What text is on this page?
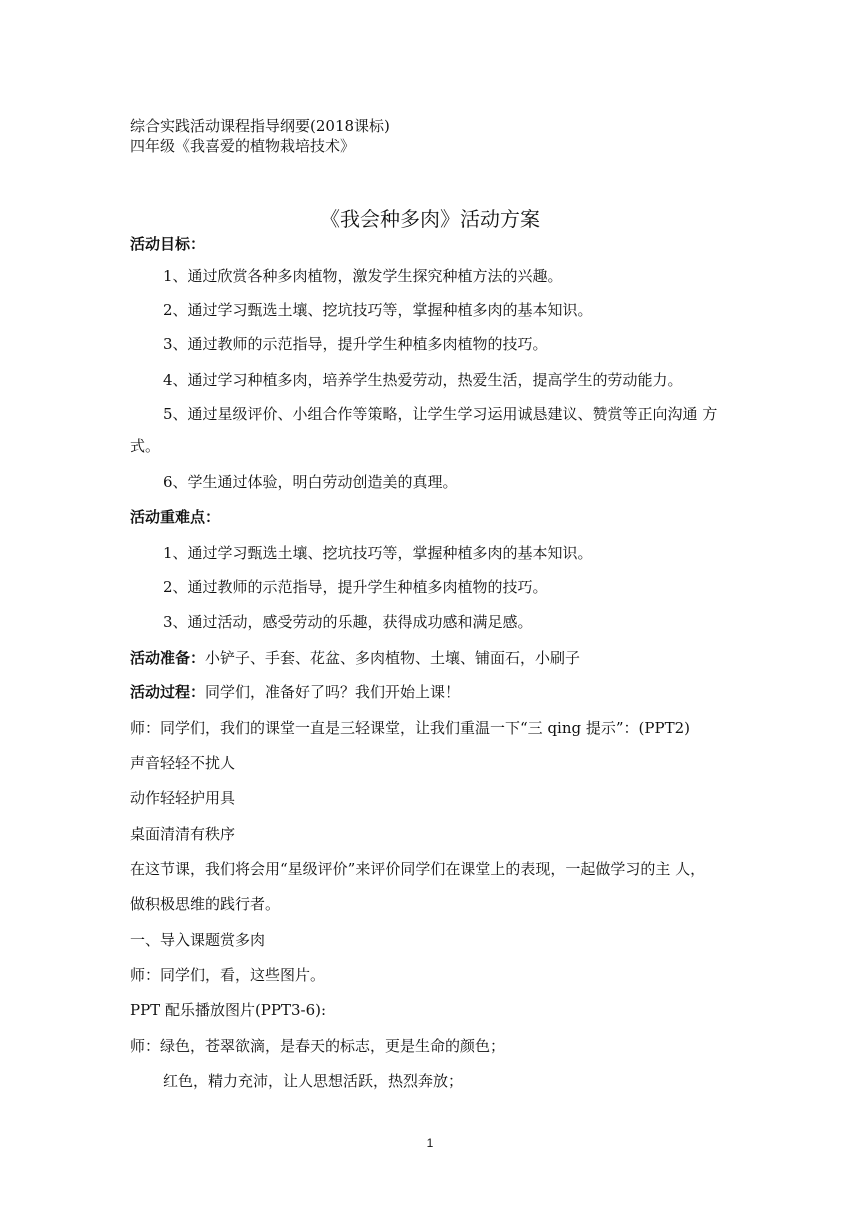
综合实践活动课程指导纲要(2018课标)
四年级《我喜爱的植物栽培技术》
《我会种多肉》活动方案
活动目标：
1、通过欣赏各种多肉植物，激发学生探究种植方法的兴趣。
2、通过学习甄选土壤、挖坑技巧等，掌握种植多肉的基本知识。
3、通过教师的示范指导，提升学生种植多肉植物的技巧。
4、通过学习种植多肉，培养学生热爱劳动，热爱生活，提高学生的劳动能力。
5、通过星级评价、小组合作等策略，让学生学习运用诚恳建议、赞赏等正向沟通 方
式。
6、学生通过体验，明白劳动创造美的真理。
活动重难点：
1、通过学习甄选土壤、挖坑技巧等，掌握种植多肉的基本知识。
2、通过教师的示范指导，提升学生种植多肉植物的技巧。
3、通过活动，感受劳动的乐趣，获得成功感和满足感。
活动准备：小铲子、手套、花盆、多肉植物、土壤、铺面石，小刷子
活动过程：同学们，准备好了吗？我们开始上课！
师：同学们，我们的课堂一直是三轻课堂，让我们重温一下“三 qing 提示”：(PPT2)
声音轻轻不扰人
动作轻轻护用具
桌面清清有秩序
在这节课，我们将会用“星级评价”来评价同学们在课堂上的表现，一起做学习的主 人，
做积极思维的践行者。
一、导入课题赏多肉
师：同学们，看，这些图片。
PPT 配乐播放图片(PPT3-6):
师：绿色，苍翠欲滴，是春天的标志，更是生命的颜色；
红色，精力充沛，让人思想活跃，热烈奔放；
1
